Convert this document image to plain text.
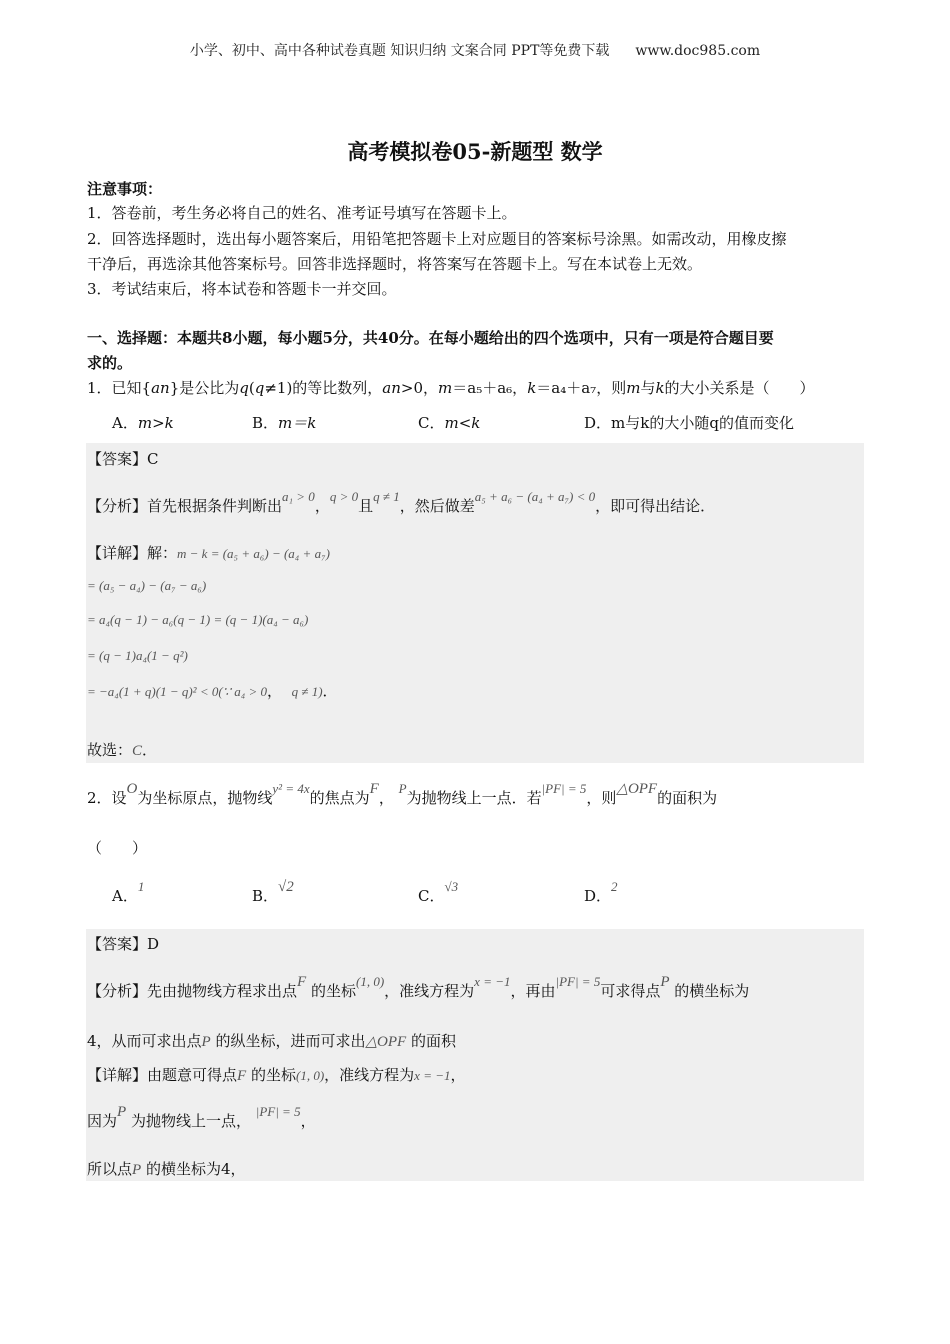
小学、初中、高中各种试卷真题 知识归纳 文案合同 PPT等免费下载 www.doc985.com
高考模拟卷05-新题型 数学
注意事项：
1．答卷前，考生务必将自己的姓名、准考证号填写在答题卡上。
2．回答选择题时，选出每小题答案后，用铅笔把答题卡上对应题目的答案标号涂黑。如需改动，用橡皮擦
干净后，再选涂其他答案标号。回答非选择题时，将答案写在答题卡上。写在本试卷上无效。
3．考试结束后，将本试卷和答题卡一并交回。
一、选择题：本题共8小题，每小题5分，共40分。在每小题给出的四个选项中，只有一项是符合题目要
求的。
1．已知{an}是公比为q(q≠1)的等比数列，an>0，m＝a₅＋a₆，k＝a₄＋a₇，则m与k的大小关系是（　　）
A．m>k	B．m＝k	C．m<k	D．m与k的大小随q的值而变化
【答案】C
【分析】首先根据条件判断出a₁ > 0，q > 0且q ≠ 1，然后做差a₅ + a₆ − (a₄ + a₇) < 0，即可得出结论．
【详解】解：m − k = (a₅ + a₆) − (a₄ + a₇)
= (a₅ − a₄) − (a₇ − a₆)
= a₄(q − 1) − a₆(q − 1) = (q − 1)(a₄ − a₆)
= (q − 1)a₄(1 − q²)
= −a₄(1 + q)(1 − q)² < 0(∵ a₄ > 0， q ≠ 1)．
故选：C．
2．设O为坐标原点，抛物线y² = 4x的焦点为F， P为抛物线上一点．若|PF| = 5，则△OPF的面积为
（　　）
A．1
B．√2	C．√3
D．2
【答案】D
【分析】先由抛物线方程求出点F 的坐标(1, 0)，准线方程为x = −1，再由|PF| = 5可求得点P 的横坐标为
4，从而可求出点P 的纵坐标，进而可求出△OPF 的面积
【详解】由题意可得点F 的坐标(1, 0)，准线方程为x = −1，
因为P 为抛物线上一点， |PF| = 5，
所以点P 的横坐标为4，
